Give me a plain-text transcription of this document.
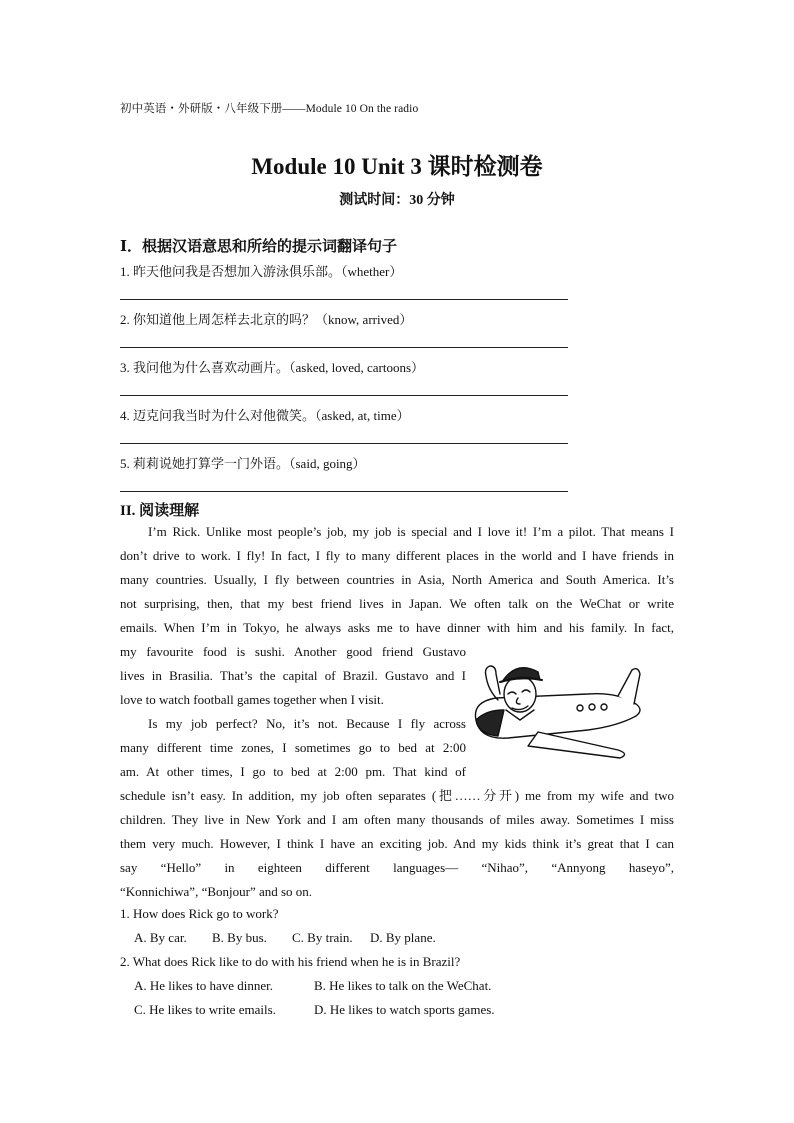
初中英语・外研版・八年级下册——Module 10 On the radio
Module 10 Unit 3 课时检测卷
测试时间：30 分钟
Ⅰ．根据汉语意思和所给的提示词翻译句子
1. 昨天他问我是否想加入游泳俱乐部。（whether）
2. 你知道他上周怎样去北京的吗？（know, arrived）
3. 我问他为什么喜欢动画片。（asked, loved, cartoons）
4. 迈克问我当时为什么对他微笑。（asked, at, time）
5. 莉莉说她打算学一门外语。（said, going）
II. 阅读理解
I’m Rick. Unlike most people’s job, my job is special and I love it! I’m a pilot. That means I
don’t drive to work. I fly! In fact, I fly to many different places in the world and I have friends in
many countries. Usually, I fly between countries in Asia, North America and South America. It’s
not surprising, then, that my best friend lives in Japan. We often talk on the WeChat or write
emails. When I’m in Tokyo, he always asks me to have dinner with him and his family. In fact,
my favourite food is sushi. Another good friend Gustavo
lives in Brasilia. That’s the capital of Brazil. Gustavo and I
love to watch football games together when I visit.
Is my job perfect? No, it’s not. Because I fly across
many different time zones, I sometimes go to bed at 2:00
am. At other times, I go to bed at 2:00 pm. That kind of
schedule isn’t easy. In addition, my job often separates (把……分开) me from my wife and two
children. They live in New York and I am often many thousands of miles away. Sometimes I miss
them very much. However, I think I have an exciting job. And my kids think it’s great that I can
say “Hello” in eighteen different languages— “Nihao”, “Annyong haseyo”,
“Konnichiwa”, “Bonjour” and so on.
1. How does Rick go to work?
A. By car. B. By bus. C. By train. D. By plane.
2. What does Rick like to do with his friend when he is in Brazil?
A. He likes to have dinner.	B. He likes to talk on the WeChat.
C. He likes to write emails.	D. He likes to watch sports games.
